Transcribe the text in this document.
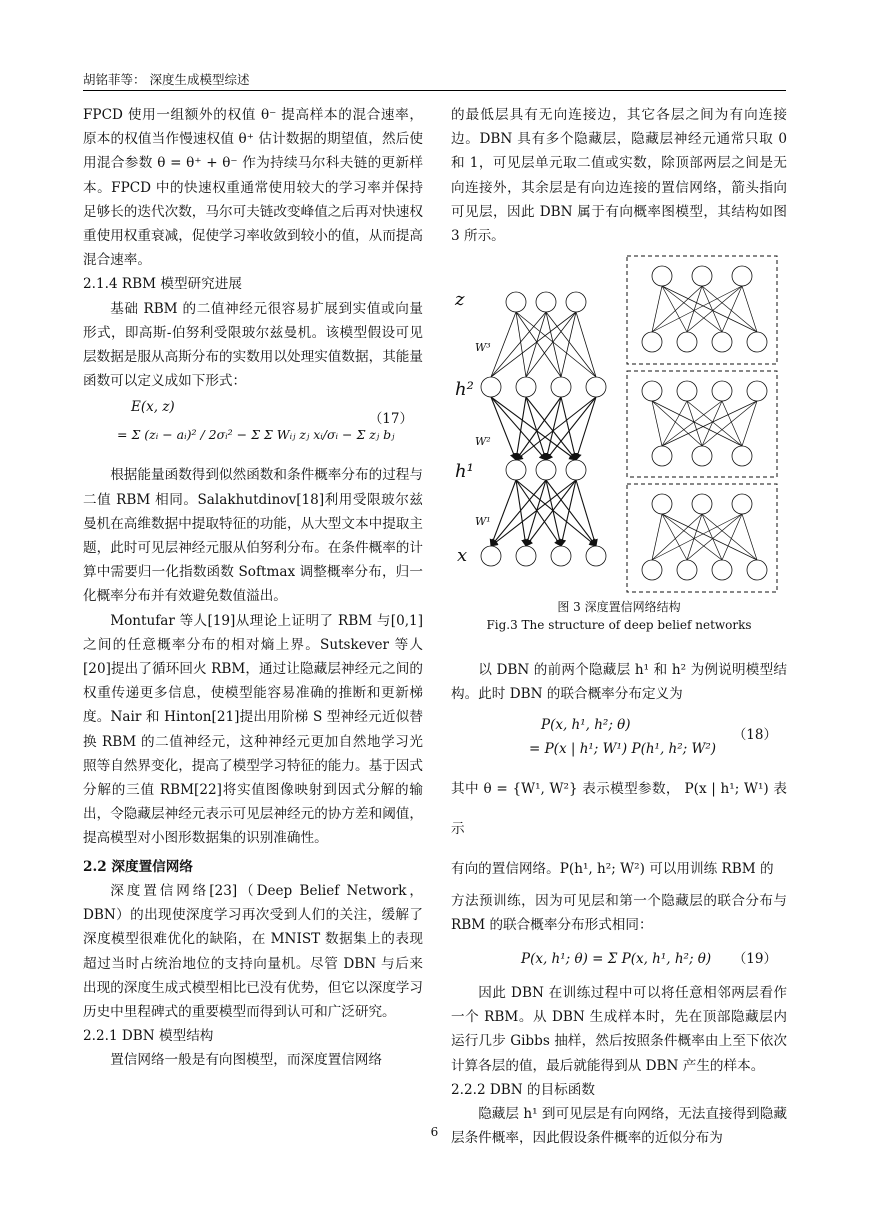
胡铭菲等： 深度生成模型综述

FPCD 使用一组额外的权值 θ⁻ 提高样本的混合速率，原本的权值当作慢速权值 θ⁺ 估计数据的期望值，然后使用混合参数 θ = θ⁺ + θ⁻ 作为持续马尔科夫链的更新样本。FPCD 中的快速权重通常使用较大的学习率并保持足够长的迭代次数，马尔可夫链改变峰值之后再对快速权重使用权重衰减，促使学习率收敛到较小的值，从而提高混合速率。

2.1.4 RBM 模型研究进展

基础 RBM 的二值神经元很容易扩展到实值或向量形式，即高斯-伯努利受限玻尔兹曼机。该模型假设可见层数据是服从高斯分布的实数用以处理实值数据，其能量函数可以定义成如下形式：

E(x, z)
= Σ (zᵢ − aᵢ)² / 2σᵢ² − Σ Σ Wᵢⱼ zⱼ xᵢ/σᵢ − Σ zⱼ bⱼ
（17）

根据能量函数得到似然函数和条件概率分布的过程与二值 RBM 相同。Salakhutdinov[18]利用受限玻尔兹曼机在高维数据中提取特征的功能，从大型文本中提取主题，此时可见层神经元服从伯努利分布。在条件概率的计算中需要归一化指数函数 Softmax 调整概率分布，归一化概率分布并有效避免数值溢出。

Montufar 等人[19]从理论上证明了 RBM 与[0,1]之间的任意概率分布的相对熵上界。Sutskever 等人[20]提出了循环回火 RBM，通过让隐藏层神经元之间的权重传递更多信息，使模型能容易准确的推断和更新梯度。Nair 和 Hinton[21]提出用阶梯 S 型神经元近似替换 RBM 的二值神经元，这种神经元更加自然地学习光照等自然界变化，提高了模型学习特征的能力。基于因式分解的三值 RBM[22]将实值图像映射到因式分解的输出，令隐藏层神经元表示可见层神经元的协方差和阈值，提高模型对小图形数据集的识别准确性。

2.2 深度置信网络

深度置信网络[23]（Deep Belief Network，DBN）的出现使深度学习再次受到人们的关注，缓解了深度模型很难优化的缺陷，在 MNIST 数据集上的表现超过当时占统治地位的支持向量机。尽管 DBN 与后来出现的深度生成式模型相比已没有优势，但它以深度学习历史中里程碑式的重要模型而得到认可和广泛研究。

2.2.1 DBN 模型结构

置信网络一般是有向图模型，而深度置信网络

的最低层具有无向连接边，其它各层之间为有向连接边。DBN 具有多个隐藏层，隐藏层神经元通常只取 0 和 1，可见层单元取二值或实数，除顶部两层之间是无向连接外，其余层是有向边连接的置信网络，箭头指向可见层，因此 DBN 属于有向概率图模型，其结构如图 3 所示。

z
W³
h²
W²
h¹
W¹
x
图 3 深度置信网络结构
Fig.3 The structure of deep belief networks

以 DBN 的前两个隐藏层 h¹ 和 h² 为例说明模型结构。此时 DBN 的联合概率分布定义为

P(x, h¹, h²; θ)
= P(x | h¹; W¹) P(h¹, h²; W²)
（18）

其中 θ = {W¹, W²} 表示模型参数， P(x | h¹; W¹) 表示

有向的置信网络。P(h¹, h²; W²) 可以用训练 RBM 的

方法预训练，因为可见层和第一个隐藏层的联合分布与 RBM 的联合概率分布形式相同：

P(x, h¹; θ) = Σ P(x, h¹, h²; θ) （19）

因此 DBN 在训练过程中可以将任意相邻两层看作一个 RBM。从 DBN 生成样本时，先在顶部隐藏层内运行几步 Gibbs 抽样，然后按照条件概率由上至下依次计算各层的值，最后就能得到从 DBN 产生的样本。

2.2.2 DBN 的目标函数

隐藏层 h¹ 到可见层是有向网络，无法直接得到隐藏层条件概率，因此假设条件概率的近似分布为

6
